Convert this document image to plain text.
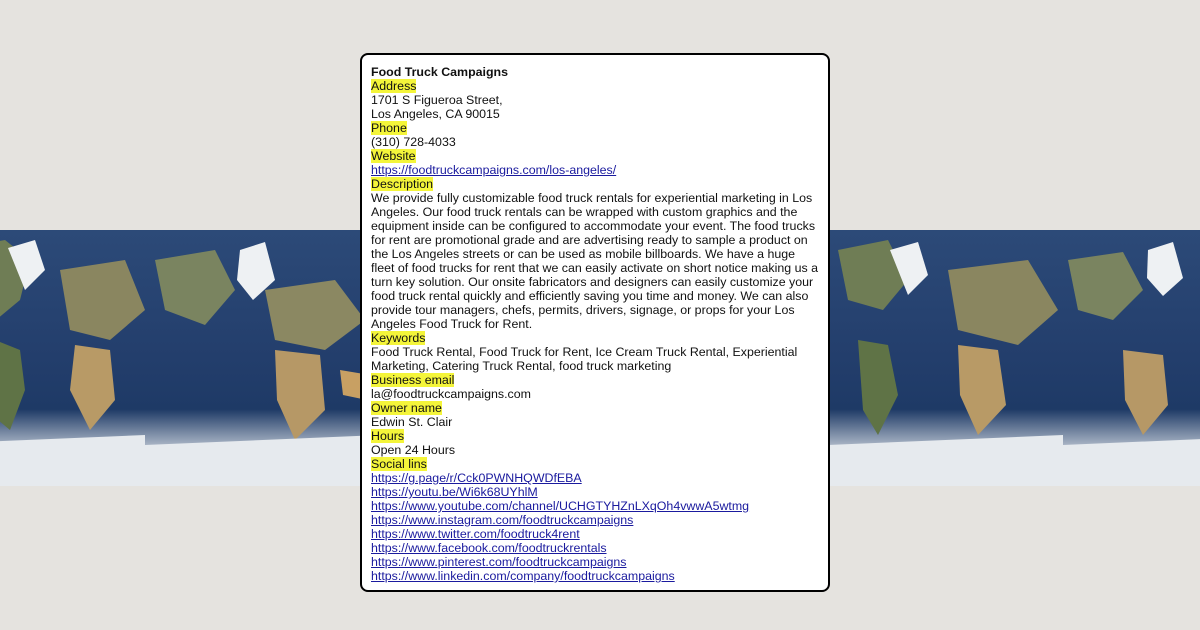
Food Truck Campaigns
Address
1701 S Figueroa Street,
Los Angeles, CA 90015
Phone
(310) 728-4033
Website
https://foodtruckcampaigns.com/los-angeles/
Description
We provide fully customizable food truck rentals for experiential marketing in Los Angeles. Our food truck rentals can be wrapped with custom graphics and the equipment inside can be configured to accommodate your event. The food trucks for rent are promotional grade and are advertising ready to sample a product on the Los Angeles streets or can be used as mobile billboards. We have a huge fleet of food trucks for rent that we can easily activate on short notice making us a turn key solution. Our onsite fabricators and designers can easily customize your food truck rental quickly and efficiently saving you time and money. We can also provide tour managers, chefs, permits, drivers, signage, or props for your Los Angeles Food Truck for Rent.
Keywords
Food Truck Rental, Food Truck for Rent, Ice Cream Truck Rental, Experiential Marketing, Catering Truck Rental, food truck marketing
Business email
la@foodtruckcampaigns.com
Owner name
Edwin St. Clair
Hours
Open 24 Hours
Social lins
https://g.page/r/Cck0PWNHQWDfEBA
https://youtu.be/Wi6k68UYhlM
https://www.youtube.com/channel/UCHGTYHZnLXqOh4vwwA5wtmg
https://www.instagram.com/foodtruckcampaigns
https://www.twitter.com/foodtruck4rent
https://www.facebook.com/foodtruckrentals
https://www.pinterest.com/foodtruckcampaigns
https://www.linkedin.com/company/foodtruckcampaigns
